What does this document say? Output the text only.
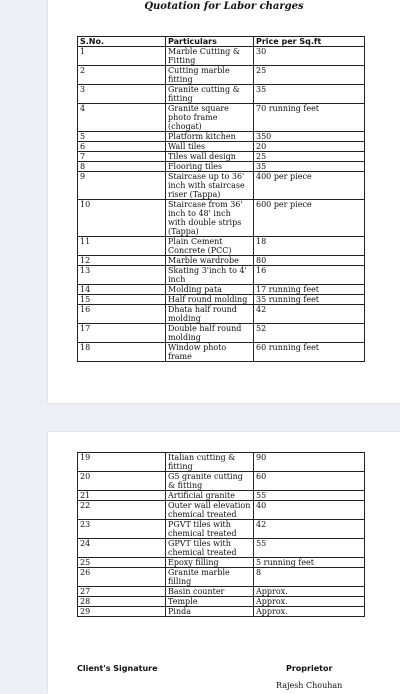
Quotation for Labor charges
S.No.	Particulars	Price per Sq.ft
1	Marble Cutting & Fitting	30
2	Cutting marble fitting	25
3	Granite cutting & fitting	35
4	Granite square photo frame (chogat)	70 running feet
5	Platform kitchen	350
6	Wall tiles	20
7	Tiles wall design	25
8	Flooring tiles	35
9	Staircase up to 36' inch with staircase riser (Tappa)	400 per piece
10	Staircase from 36' inch to 48' inch with double strips (Tappa)	600 per piece
11	Plain Cement Concrete (PCC)	18
12	Marble wardrobe	80
13	Skating 3'inch to 4' inch	16
14	Molding pata	17 running feet
15	Half round molding	35 running feet
16	Dhata half round molding	42
17	Double half round molding	52
18	Window photo frame	60 running feet
19	Italian cutting & fitting	90
20	G5 granite cutting & fitting	60
21	Artificial granite	55
22	Outer wall elevation chemical treated	40
23	PGVT tiles with chemical treated	42
24	GPVT tiles with chemical treated	55
25	Epoxy filling	5 running feet
26	Granite marble filling	8
27	Basin counter	Approx.
28	Temple	Approx.
29	Pinda	Approx.
Client's Signature	Proprietor
Rajesh Chouhan
